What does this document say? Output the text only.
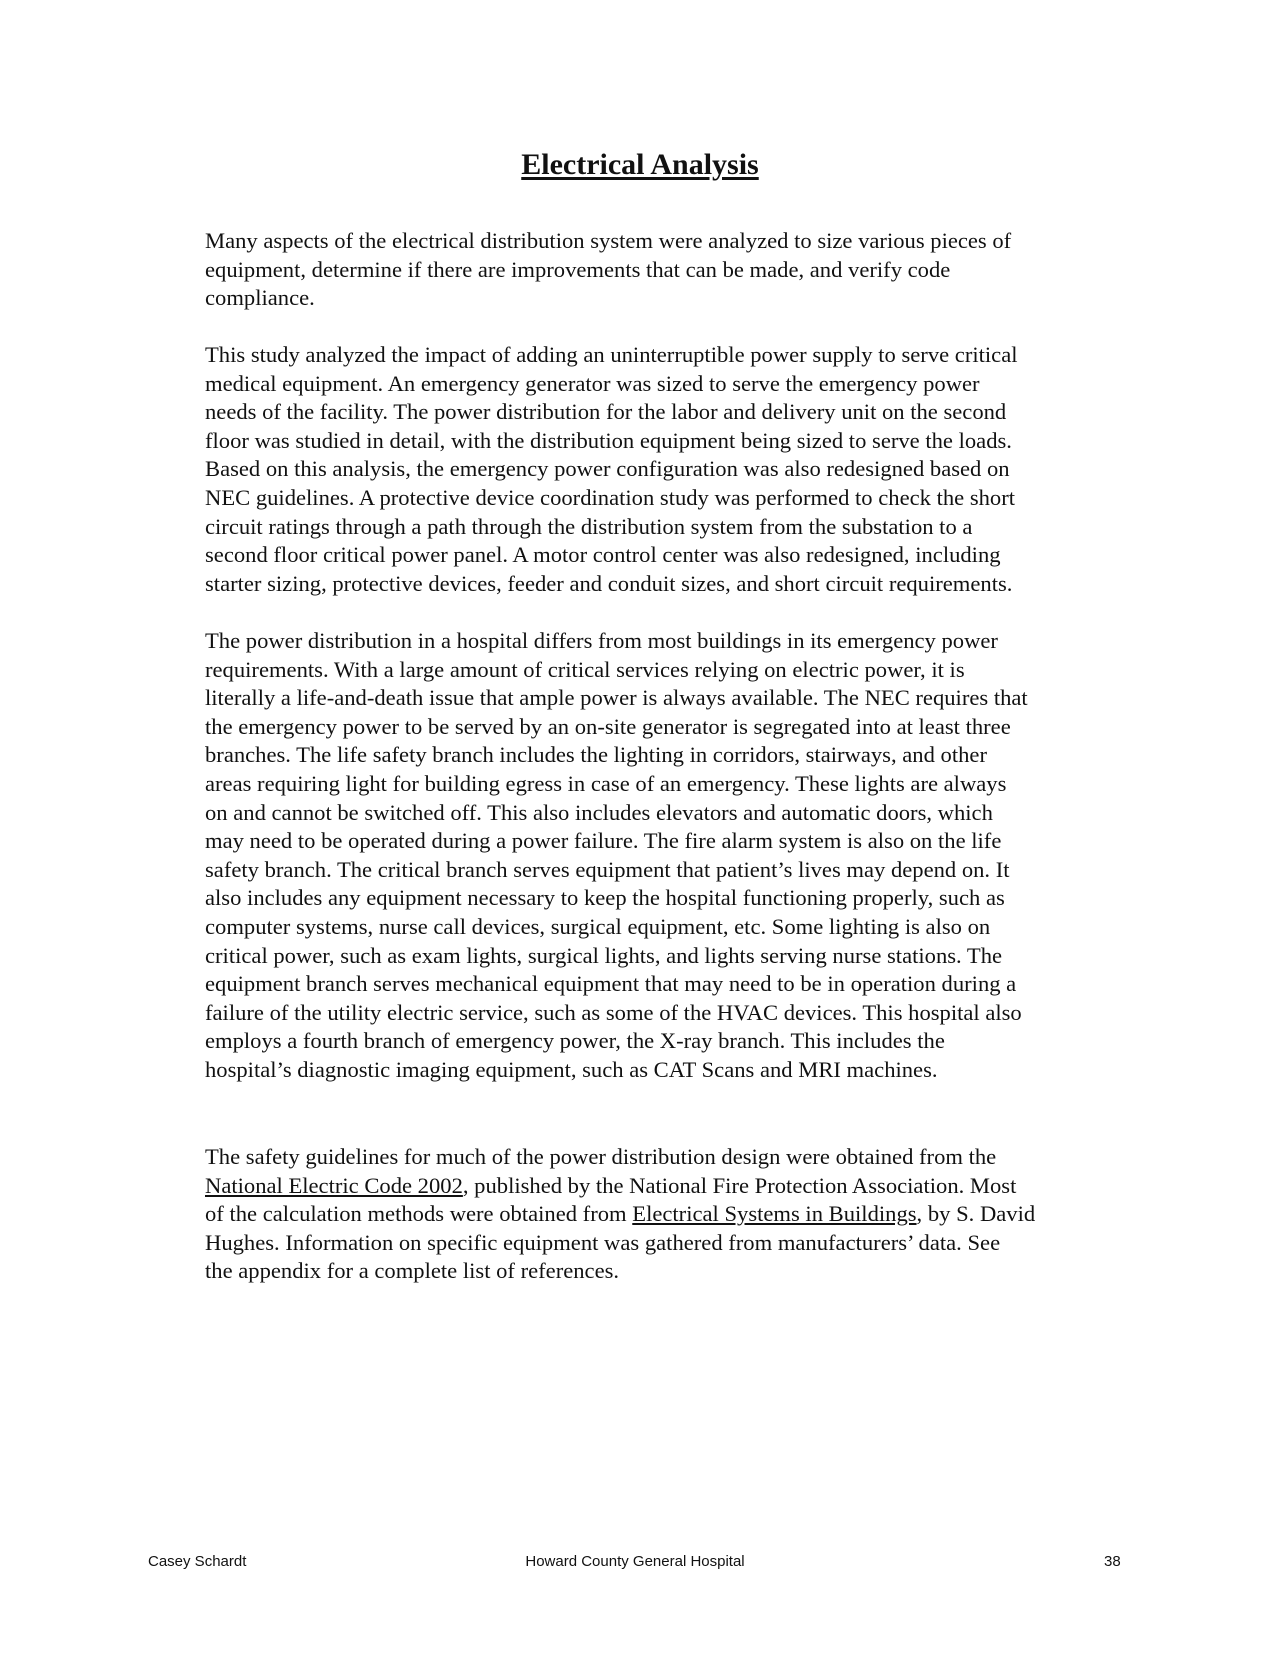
Electrical Analysis
Many aspects of the electrical distribution system were analyzed to size various pieces of
equipment, determine if there are improvements that can be made, and verify code
compliance.
This study analyzed the impact of adding an uninterruptible power supply to serve critical
medical equipment. An emergency generator was sized to serve the emergency power
needs of the facility. The power distribution for the labor and delivery unit on the second
floor was studied in detail, with the distribution equipment being sized to serve the loads.
Based on this analysis, the emergency power configuration was also redesigned based on
NEC guidelines. A protective device coordination study was performed to check the short
circuit ratings through a path through the distribution system from the substation to a
second floor critical power panel. A motor control center was also redesigned, including
starter sizing, protective devices, feeder and conduit sizes, and short circuit requirements.
The power distribution in a hospital differs from most buildings in its emergency power
requirements. With a large amount of critical services relying on electric power, it is
literally a life-and-death issue that ample power is always available. The NEC requires that
the emergency power to be served by an on-site generator is segregated into at least three
branches. The life safety branch includes the lighting in corridors, stairways, and other
areas requiring light for building egress in case of an emergency. These lights are always
on and cannot be switched off. This also includes elevators and automatic doors, which
may need to be operated during a power failure. The fire alarm system is also on the life
safety branch. The critical branch serves equipment that patient’s lives may depend on. It
also includes any equipment necessary to keep the hospital functioning properly, such as
computer systems, nurse call devices, surgical equipment, etc. Some lighting is also on
critical power, such as exam lights, surgical lights, and lights serving nurse stations. The
equipment branch serves mechanical equipment that may need to be in operation during a
failure of the utility electric service, such as some of the HVAC devices. This hospital also
employs a fourth branch of emergency power, the X-ray branch. This includes the
hospital’s diagnostic imaging equipment, such as CAT Scans and MRI machines.
The safety guidelines for much of the power distribution design were obtained from the
National Electric Code 2002, published by the National Fire Protection Association. Most
of the calculation methods were obtained from Electrical Systems in Buildings, by S. David
Hughes. Information on specific equipment was gathered from manufacturers’ data. See
the appendix for a complete list of references.
Casey Schardt	Howard County General Hospital	38
